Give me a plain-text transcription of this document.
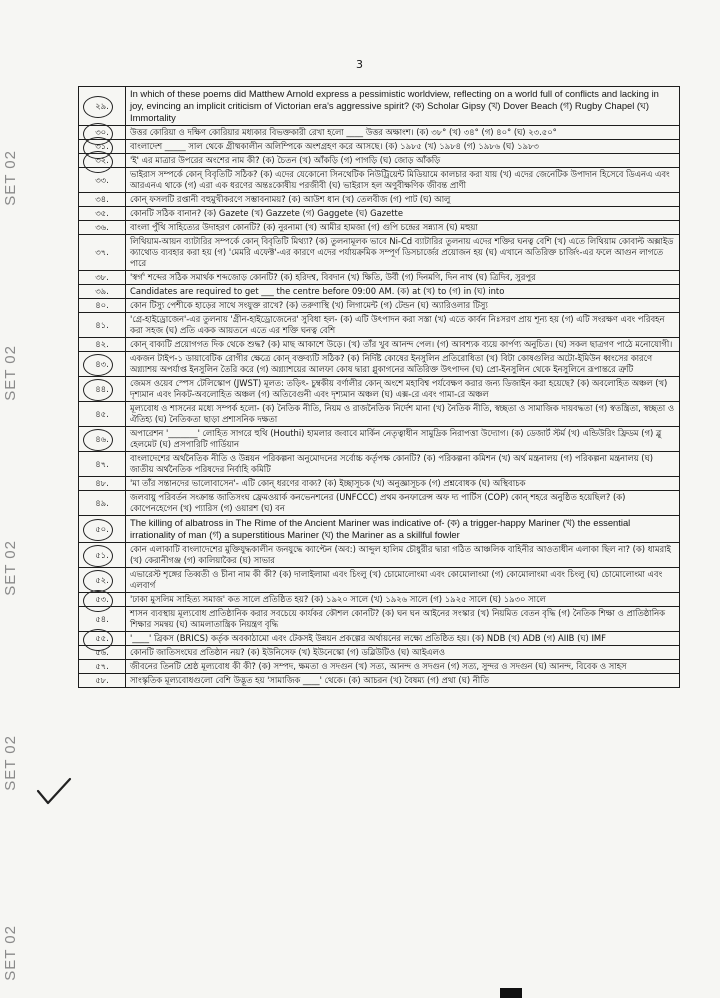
3
SET 02
SET 02
SET 02
SET 02
SET 02
২৯.	In which of these poems did Matthew Arnold express a pessimistic worldview, reflecting on a world full of conflicts and lacking in joy, evincing an implicit criticism of Victorian era's aggressive spirit? (ক) Scholar Gipsy (খ) Dover Beach (গ) Rugby Chapel (ঘ) Immortality
৩০.	উত্তর কোরিয়া ও দক্ষিণ কোরিয়ার মধ্যকার বিভক্তকারী রেখা হলো ____ উত্তর অক্ষাংশ। (ক) ৩৮° (খ) ৩৪° (গ) ৪০° (ঘ) ২৩.৫০°
৩১.	বাংলাদেশ _____ সাল থেকে গ্রীষ্মকালীন অলিম্পিকে অংশগ্রহণ করে আসছে। (ক) ১৯৮৫ (খ) ১৯৮৪ (গ) ১৯৮৬ (ঘ) ১৯৮৩
৩২.	'ই' এর মাত্রার উপরের অংশের নাম কী? (ক) চৈতন (খ) আঁকড়ি (গ) পাগড়ি (ঘ) জোড় আঁকড়ি
৩৩.	ভাইরাস সম্পর্কে কোন্ বিবৃতিটি সঠিক? (ক) এদের যেকোনো সিনথেটিক নিউট্রিয়েন্ট মিডিয়ামে কালচার করা যায় (খ) এদের জেনেটিক উপাদান হিসেবে ডিএনএ এবং আরএনএ থাকে (গ) এরা এক ধরণের অন্তঃকোষীয় পরজীবী (ঘ) ভাইরাস হল অণুবীক্ষণিক জীবন্ত প্রাণী
৩৪.	কোন্ ফসলটি রপ্তানী বহুমুখীকরণে সম্ভাবনাময়? (ক) আউশ ধান (খ) তেলবীজ (গ) পাট (ঘ) আলু
৩৫.	কোনটি সঠিক বানান? (ক) Gazete (খ) Gazzete (গ) Gaggete (ঘ) Gazette
৩৬.	বাংলা পুঁথি সাহিত্যের উদাহরণ কোনটি? (ক) নুরনামা (খ) আমীর হামজা (গ) গুপি চন্দ্রের সন্ন্যাস (ঘ) মহুয়া
৩৭.	লিথিয়াম-আয়ন ব্যাটারির সম্পর্কে কোন্ বিবৃতিটি মিথ্যা? (ক) তুলনামূলক ভাবে Ni-Cd ব্যাটারির তুলনায় এদের শক্তির ঘনত্ব বেশি (খ) এতে লিথিয়াম কোবাল্ট অক্সাইড ক্যাথোড ব্যবহার করা হয় (গ) 'মেমরি এফেক্ট'-এর কারণে এদের পর্যায়ক্রমিক সম্পূর্ণ ডিসচার্জের প্রয়োজন হয় (ঘ) এখানে অতিরিক্ত চার্জিং-এর ফলে আগুন লাগতে পারে
৩৮.	'স্বর্গ' শব্দের সঠিক সমার্থক শব্দজোড় কোনটি? (ক) হরিদশ্ব, বিবদান (খ) ক্ষিতি, উর্বী (গ) দিনমণি, দিন নাথ (ঘ) ত্রিদিব, সুরপুর
৩৯.	Candidates are required to get ___ the centre before 09:00 AM. (ক) at (খ) to (গ) in (ঘ) into
৪০.	কোন টিস্যু পেশীকে হাড়ের সাথে সংযুক্ত রাখে? (ক) তরুণাস্থি (খ) লিগামেন্ট (গ) টেন্ডন (ঘ) অ্যারিওলার টিস্যু
৪১.	'গ্রে-হাইড্রোজেন'-এর তুলনায় 'গ্রীন-হাইড্রোজেনের' সুবিধা হল- (ক) এটি উৎপাদন করা সস্তা (খ) এতে কার্বন নিঃসরণ প্রায় শূন্য হয় (গ) এটি সংরক্ষণ এবং পরিবহন করা সহজ (ঘ) প্রতি একক আয়তনে এতে এর শক্তি ঘনত্ব বেশি
৪২.	কোন্ বাক্যটি প্রয়োগগত দিক থেকে শুদ্ধ? (ক) মাছ আকাশে উড়ে। (খ) তাঁর খুব আনন্দ পেল। (গ) আবশ্যক ব্যয়ে কার্পণ্য অনুচিত। (ঘ) সকল ছাত্রগণ পাঠে মনোযোগী।
৪৩.	একজন টাইপ-১ ডায়াবেটিক রোগীর ক্ষেত্রে কোন্ বক্তব্যটি সঠিক? (ক) নির্দিষ্ট কোষের ইনসুলিন প্রতিরোধিতা (খ) বিটা কোষগুলির অটো-ইমিউন ধ্বংসের কারণে অগ্ন্যাশয় অপর্যাপ্ত ইনসুলিন তৈরি করে (গ) অগ্ন্যাশয়ের আলফা কোষ দ্বারা গ্লুকাগনের অতিরিক্ত উৎপাদন (ঘ) প্রো-ইনসুলিন থেকে ইনসুলিনে রূপান্তরে ত্রুটি
৪৪.	জেমস ওয়েব স্পেস টেলিস্কোপ (JWST) মূলত: তড়িৎ- চুম্বকীয় বর্ণালীর কোন্ অংশে মহাবিশ্ব পর্যবেক্ষণ করার জন্য ডিজাইন করা হয়েছে? (ক) অবলোহিত অঞ্চল (খ) দৃশ্যমান এবং নিকট-অবলোহিত অঞ্চল (গ) অতিবেগুনী এবং দৃশ্যমান অঞ্চল (ঘ) এক্স-রে এবং গামা-রে অঞ্চল
৪৫.	মূল্যবোধ ও শাসনের মধ্যে সম্পর্ক হলো- (ক) নৈতিক নীতি, নিয়ম ও রাজনৈতিক নির্দেশ মানা (খ) নৈতিক নীতি, স্বচ্ছতা ও সামাজিক দায়বদ্ধতা (গ) স্বতন্ত্রিতা, স্বচ্ছতা ও ঐতিহ্য (ঘ) নৈতিকতা ছাড়া প্রশাসনিক দক্ষতা
৪৬.	অপারেশন '_______' লোহিত সাগরে হুথি (Houthi) হামলার জবাবে মার্কিন নেতৃত্বাধীন সামুদ্রিক নিরাপত্তা উদ্যোগ। (ক) ডেজার্ট স্টর্ম (খ) এন্ডিউরিং ফ্রিডম (গ) ব্লু হেলমেট (ঘ) প্রসপারিটি গার্ডিয়ান
৪৭.	বাংলাদেশের অর্থনৈতিক নীতি ও উন্নয়ন পরিকল্পনা অনুমোদনের সর্বোচ্চ কর্তৃপক্ষ কোনটি? (ক) পরিকল্পনা কমিশন (খ) অর্থ মন্ত্রনালয় (গ) পরিকল্পনা মন্ত্রনালয় (ঘ) জাতীয় অর্থনৈতিক পরিষদের নির্বাহি কমিটি
৪৮.	'মা তাঁর সন্তানদের ভালোবাসেন'- এটি কোন্ ধরণের বাক্য? (ক) ইচ্ছাসূচক (খ) অনুজ্ঞাসূচক (গ) প্রশ্নবোধক (ঘ) অস্থিবাচক
৪৯.	জলবায়ু পরিবর্তন সংক্রান্ত জাতিসংঘ ফ্রেমওয়ার্ক কনভেনশনের (UNFCCC) প্রথম কনফারেন্স অফ দ্য পার্টিস (COP) কোন্ শহরে অনুষ্ঠিত হয়েছিল? (ক) কোপেনহেগেন (খ) প্যারিস (গ) ওয়ারশ (ঘ) বন
৫০.	The killing of albatross in The Rime of the Ancient Mariner was indicative of- (ক) a trigger-happy Mariner (খ) the essential irrationality of man (গ) a superstitious Mariner (ঘ) the Mariner as a skillful fowler
৫১.	কোন এলাকাটি বাংলাদেশের মুক্তিযুদ্ধকালীন জনযুদ্ধে ক্যাপ্টেন (অব:) আব্দুল হালিম চৌধুরীর দ্বারা গঠিত আঞ্চলিক বাহিনীর আওতাধীন এলাকা ছিল না? (ক) ধামরাই (খ) কেরানীগঞ্জ (গ) কালিয়াকৈর (ঘ) সাভার
৫২.	এভারেস্ট শৃঙ্গের তিব্বতী ও চীনা নাম কী কী? (ক) দালাইলামা এবং চিংলু (খ) চোমোলোংমা এবং কোমোলাংমা (গ) কোমোলাংমা এবং চিংলু (ঘ) চোমোলোংমা এবং এলবার্গ
৫৩.	'ঢাকা মুসলিম সাহিত্য সমাজ' কত সালে প্রতিষ্ঠিত হয়? (ক) ১৯২০ সালে (খ) ১৯২৬ সালে (গ) ১৯২৫ সালে (ঘ) ১৯৩০ সালে
৫৪.	শাসন ব্যবস্থায় মূল্যবোধ প্রাতিষ্ঠানিক করার সবচেয়ে কার্যকর কৌশল কোনটি? (ক) ঘন ঘন আইনের সংস্কার (খ) নিয়মিত বেতন বৃদ্ধি (গ) নৈতিক শিক্ষা ও প্রাতিষ্ঠানিক শিক্ষার সমন্বয় (ঘ) আমলাতান্ত্রিক নিয়ন্ত্রণ বৃদ্ধি
৫৫.	'____' ব্রিকস (BRICS) কর্তৃক অবকাঠামো এবং টেকসই উন্নয়ন প্রকল্পের অর্থায়নের লক্ষ্যে প্রতিষ্ঠিত হয়। (ক) NDB (খ) ADB (গ) AIIB (ঘ) IMF
৫৬.	কোনটি জাতিসংঘের প্রতিষ্ঠান নয়? (ক) ইউনিসেফ (খ) ইউনেস্কো (গ) ডব্লিউটিও (ঘ) আইএলও
৫৭.	জীবনের তিনটি শ্রেষ্ঠ মূল্যবোধ কী কী? (ক) সম্পদ, ক্ষমতা ও সদগুন (খ) সত্য, আনন্দ ও সদগুন (গ) সত্য, সুন্দর ও সদগুন (ঘ) আনন্দ, বিবেক ও সাহস
৫৮.	সাংস্কৃতিক মূল্যবোধগুলো বেশি উদ্ভূত হয় 'সামাজিক ____' থেকে। (ক) আচরন (খ) বৈষম্য (গ) প্রথা (ঘ) নীতি
